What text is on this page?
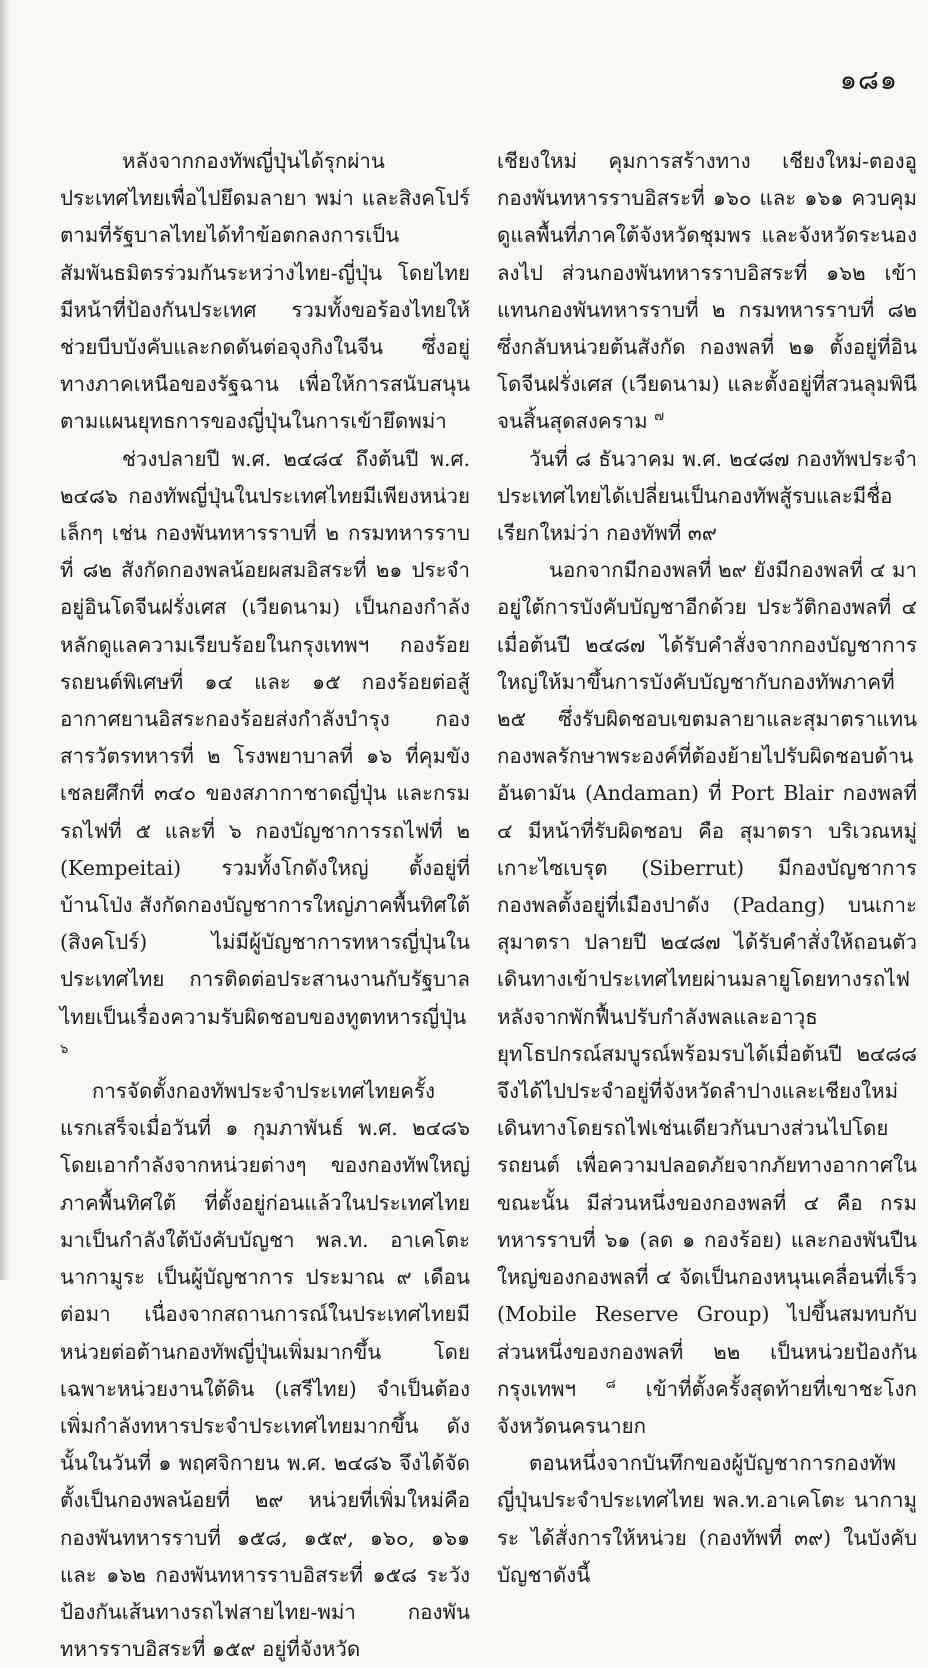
๑๘๑

หลังจากกองทัพญี่ปุ่นได้รุกผ่านประเทศไทยเพื่อไปยึดมลายา พม่า และสิงคโปร์ ตามที่รัฐบาลไทยได้ทำข้อตกลงการเป็นสัมพันธมิตรร่วมกันระหว่างไทย-ญี่ปุ่น โดยไทยมีหน้าที่ป้องกันประเทศ รวมทั้งขอร้องไทยให้ช่วยบีบบังคับและกดดันต่อจุงกิงในจีน ซึ่งอยู่ทางภาคเหนือของรัฐฉาน เพื่อให้การสนับสนุนตามแผนยุทธการของญี่ปุ่นในการเข้ายึดพม่า

ช่วงปลายปี พ.ศ. ๒๔๘๔ ถึงต้นปี พ.ศ. ๒๔๘๖ กองทัพญี่ปุ่นในประเทศไทยมีเพียงหน่วยเล็กๆ เช่น กองพันทหารราบที่ ๒ กรมทหารราบที่ ๘๒ สังกัดกองพลน้อยผสมอิสระที่ ๒๑ ประจำอยู่อินโดจีนฝรั่งเศส (เวียดนาม) เป็นกองกำลังหลักดูแลความเรียบร้อยในกรุงเทพฯ กองร้อยรถยนต์พิเศษที่ ๑๔ และ ๑๕ กองร้อยต่อสู้อากาศยานอิสระกองร้อยส่งกำลังบำรุง กองสารวัตรทหารที่ ๒ โรงพยาบาลที่ ๑๖ ที่คุมขังเชลยศึกที่ ๓๔๐ ของสภากาชาดญี่ปุ่น และกรมรถไฟที่ ๕ และที่ ๖ กองบัญชาการรถไฟที่ ๒ (Kempeitai) รวมทั้งโกดังใหญ่ ตั้งอยู่ที่บ้านโป่ง สังกัดกองบัญชาการใหญ่ภาคพื้นทิศใต้ (สิงคโปร์) ไม่มีผู้บัญชาการทหารญี่ปุ่นในประเทศไทย การติดต่อประสานงานกับรัฐบาลไทยเป็นเรื่องความรับผิดชอบของทูตทหารญี่ปุ่น $^๖$

การจัดตั้งกองทัพประจำประเทศไทยครั้งแรกเสร็จเมื่อวันที่ ๑ กุมภาพันธ์ พ.ศ. ๒๔๘๖ โดยเอากำลังจากหน่วยต่างๆ ของกองทัพใหญ่ภาคพื้นทิศใต้ ที่ตั้งอยู่ก่อนแล้วในประเทศไทยมาเป็นกำลังใต้บังคับบัญชา พล.ท. อาเคโตะ นากามูระ เป็นผู้บัญชาการ ประมาณ ๙ เดือนต่อมา เนื่องจากสถานการณ์ในประเทศไทยมีหน่วยต่อต้านกองทัพญี่ปุ่นเพิ่มมากขึ้น โดยเฉพาะหน่วยงานใต้ดิน (เสรีไทย) จำเป็นต้องเพิ่มกำลังทหารประจำประเทศไทยมากขึ้น ดังนั้นในวันที่ ๑ พฤศจิกายน พ.ศ. ๒๔๘๖ จึงได้จัดตั้งเป็นกองพลน้อยที่ ๒๙ หน่วยที่เพิ่มใหม่คือ กองพันทหารราบที่ ๑๕๘, ๑๕๙, ๑๖๐, ๑๖๑ และ ๑๖๒ กองพันทหารราบอิสระที่ ๑๕๘ ระวังป้องกันเส้นทางรถไฟสายไทย-พม่า กองพันทหารราบอิสระที่ ๑๕๙ อยู่ที่จังหวัด

เชียงใหม่ คุมการสร้างทาง เชียงใหม่-ตองอู กองพันทหารราบอิสระที่ ๑๖๐ และ ๑๖๑ ควบคุมดูแลพื้นที่ภาคใต้จังหวัดชุมพร และจังหวัดระนองลงไป ส่วนกองพันทหารราบอิสระที่ ๑๖๒ เข้าแทนกองพันทหารราบที่ ๒ กรมทหารราบที่ ๘๒ ซึ่งกลับหน่วยต้นสังกัด กองพลที่ ๒๑ ตั้งอยู่ที่อินโดจีนฝรั่งเศส (เวียดนาม) และตั้งอยู่ที่สวนลุมพินีจนสิ้นสุดสงคราม $^๗$

วันที่ ๘ ธันวาคม พ.ศ. ๒๔๘๗ กองทัพประจำประเทศไทยได้เปลี่ยนเป็นกองทัพสู้รบและมีชื่อเรียกใหม่ว่า กองทัพที่ ๓๙

นอกจากมีกองพลที่ ๒๙ ยังมีกองพลที่ ๔ มาอยู่ใต้การบังคับบัญชาอีกด้วย ประวัติกองพลที่ ๔ เมื่อต้นปี ๒๔๘๗ ได้รับคำสั่งจากกองบัญชาการใหญ่ให้มาขึ้นการบังคับบัญชากับกองทัพภาคที่ ๒๕ ซึ่งรับผิดชอบเขตมลายาและสุมาตราแทนกองพลรักษาพระองค์ที่ต้องย้ายไปรับผิดชอบด้านอันดามัน (Andaman) ที่ Port Blair กองพลที่ ๔ มีหน้าที่รับผิดชอบ คือ สุมาตรา บริเวณหมู่เกาะไซเบรุต (Siberrut) มีกองบัญชาการกองพลตั้งอยู่ที่เมืองปาดัง (Padang) บนเกาะสุมาตรา ปลายปี ๒๔๘๗ ได้รับคำสั่งให้ถอนตัว เดินทางเข้าประเทศไทยผ่านมลายูโดยทางรถไฟ หลังจากพักฟื้นปรับกำลังพลและอาวุธยุทโธปกรณ์สมบูรณ์พร้อมรบได้เมื่อต้นปี ๒๔๘๘ จึงได้ไปประจำอยู่ที่จังหวัดลำปางและเชียงใหม่ เดินทางโดยรถไฟเช่นเดียวกันบางส่วนไปโดยรถยนต์ เพื่อความปลอดภัยจากภัยทางอากาศในขณะนั้น มีส่วนหนึ่งของกองพลที่ ๔ คือ กรมทหารราบที่ ๖๑ (ลด ๑ กองร้อย) และกองพันปืนใหญ่ของกองพลที่ ๔ จัดเป็นกองหนุนเคลื่อนที่เร็ว (Mobile Reserve Group) ไปขึ้นสมทบกับส่วนหนึ่งของกองพลที่ ๒๒ เป็นหน่วยป้องกันกรุงเทพฯ $^๘$ เข้าที่ตั้งครั้งสุดท้ายที่เขาชะโงก จังหวัดนครนายก

ตอนหนึ่งจากบันทึกของผู้บัญชาการกองทัพญี่ปุ่นประจำประเทศไทย พล.ท.อาเคโตะ นากามูระ ได้สั่งการให้หน่วย (กองทัพที่ ๓๙) ในบังคับบัญชาดังนี้
